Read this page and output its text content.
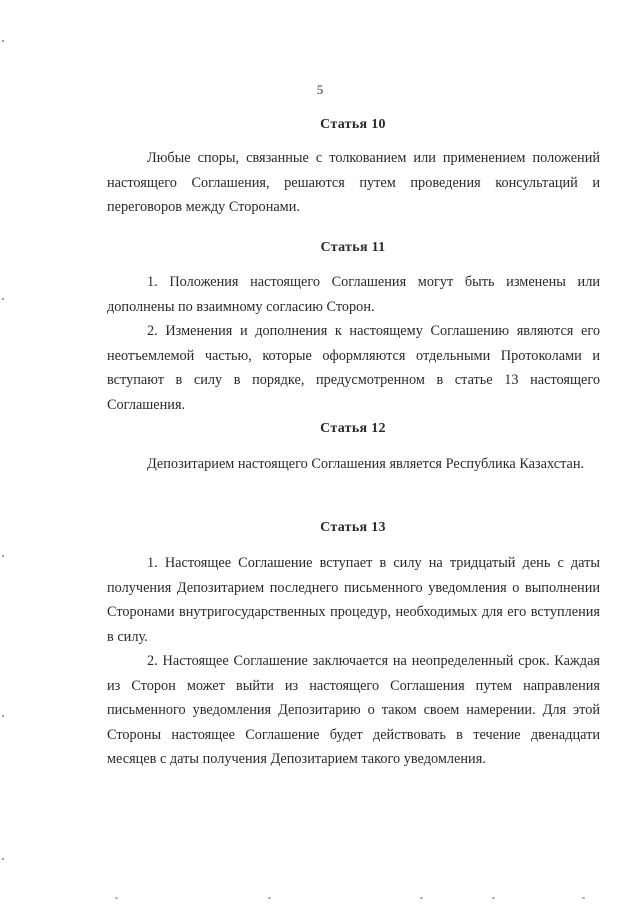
5
Статья 10

Любые споры, связанные с толкованием или применением положений настоящего Соглашения, решаются путем проведения консультаций и переговоров между Сторонами.

Статья 11

1. Положения настоящего Соглашения могут быть изменены или дополнены по взаимному согласию Сторон.

2. Изменения и дополнения к настоящему Соглашению являются его неотъемлемой частью, которые оформляются отдельными Протоколами и вступают в силу в порядке, предусмотренном в статье 13 настоящего Соглашения.

Статья 12

Депозитарием настоящего Соглашения является Республика Казахстан.

Статья 13

1. Настоящее Соглашение вступает в силу на тридцатый день с даты получения Депозитарием последнего письменного уведомления о выполнении Сторонами внутригосударственных процедур, необходимых для его вступления в силу.

2. Настоящее Соглашение заключается на неопределенный срок. Каждая из Сторон может выйти из настоящего Соглашения путем направления письменного уведомления Депозитарию о таком своем намерении. Для этой Стороны настоящее Соглашение будет действовать в течение двенадцати месяцев с даты получения Депозитарием такого уведомления.
